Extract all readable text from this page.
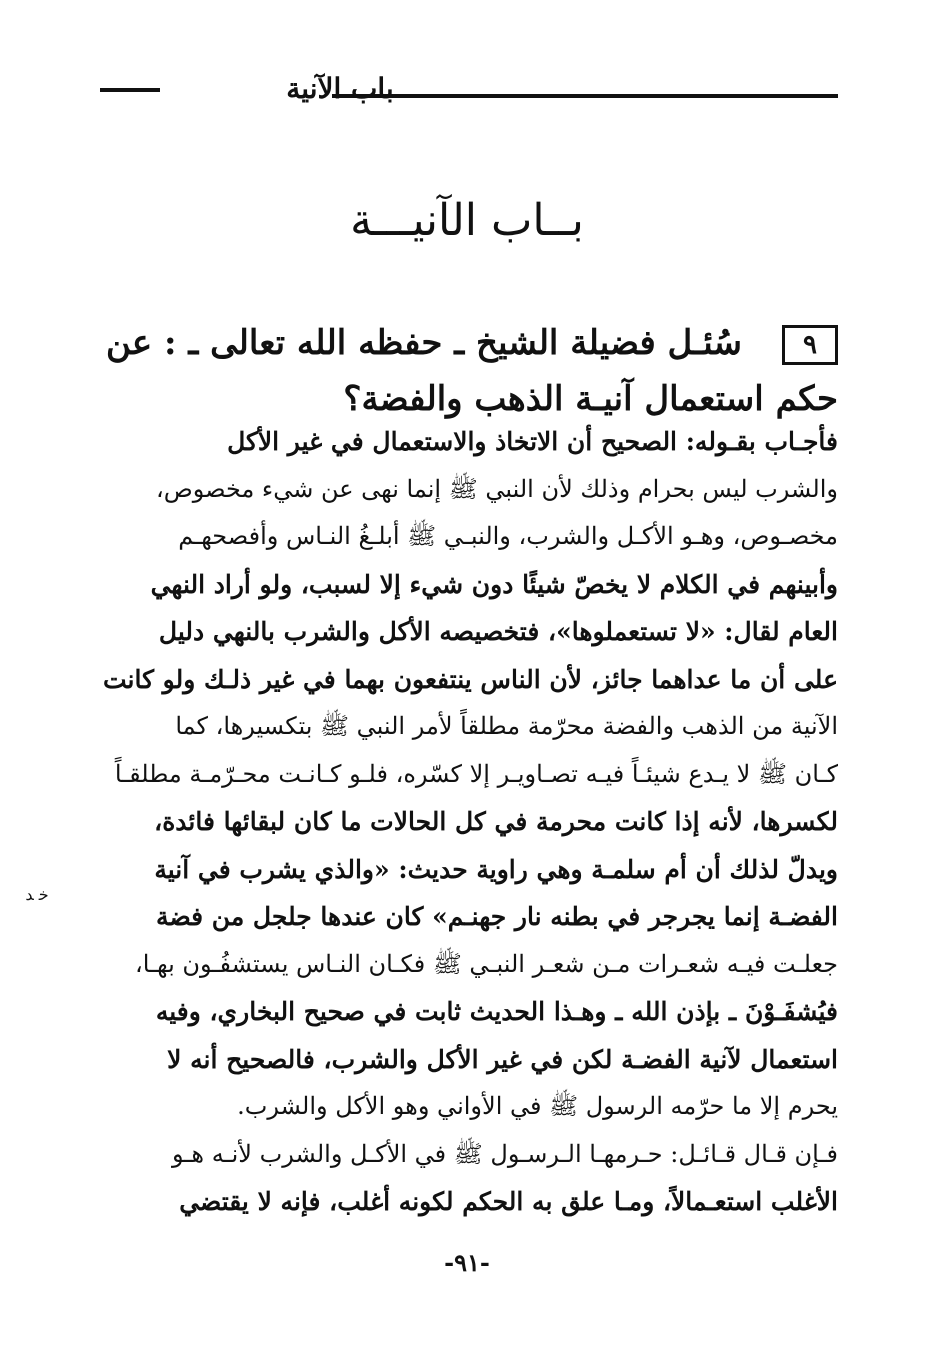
باب الآنية
بــاب الآنيـــة
٩سُئـل فضيلة الشيخ ـ حفظه الله تعالى ـ : عن
حكم استعمال آنيـة الذهب والفضة؟
فأجـاب بقـوله: الصحيح أن الاتخاذ والاستعمال في غير الأكل
والشرب ليس بحرام وذلك لأن النبي ﷺ إنما نهى عن شيء مخصوص،
مخصـوص، وهـو الأكـل والشرب، والنبـي ﷺ أبلـغُ النـاس وأفصحهـم
وأبينهم في الكلام لا يخصّ شيئًا دون شيء إلا لسبب، ولو أراد النهي
العام لقال: «لا تستعملوها»، فتخصيصه الأكل والشرب بالنهي دليل
على أن ما عداهما جائز، لأن الناس ينتفعون بهما في غير ذلـك ولو كانت
الآنية من الذهب والفضة محرّمة مطلقاً لأمر النبي ﷺ بتكسيرها، كما
كـان ﷺ لا يـدع شيئـاً فيـه تصـاويـر إلا كسّره، فلـو كـانـت محـرّمـة مطلقـاً
لكسرها، لأنه إذا كانت محرمة في كل الحالات ما كان لبقائها فائدة،
ويدلّ لذلك أن أم سلمـة وهي راوية حديث: «والذي يشرب في آنية
الفضـة إنما يجرجر في بطنه نار جهنـم» كان عندها جلجل من فضة
جعلـت فيـه شعـرات مـن شعـر النبـي ﷺ فكـان النـاس يستشفُـون بهـا،
فيُشفَـوْنَ ـ بإذن الله ـ وهـذا الحديث ثابت في صحيح البخاري، وفيه
استعمال لآنية الفضـة لكن في غير الأكل والشرب، فالصحيح أنه لا
يحرم إلا ما حرّمه الرسول ﷺ في الأواني وهو الأكل والشرب.
فـإن قـال قـائـل: حـرمهـا الـرسـول ﷺ في الأكـل والشرب لأنـه هـو
الأغلب استعـمالاً، ومـا علق به الحكم لكونه أغلب، فإنه لا يقتضي
ﺧ ﺪ
-٩١-
